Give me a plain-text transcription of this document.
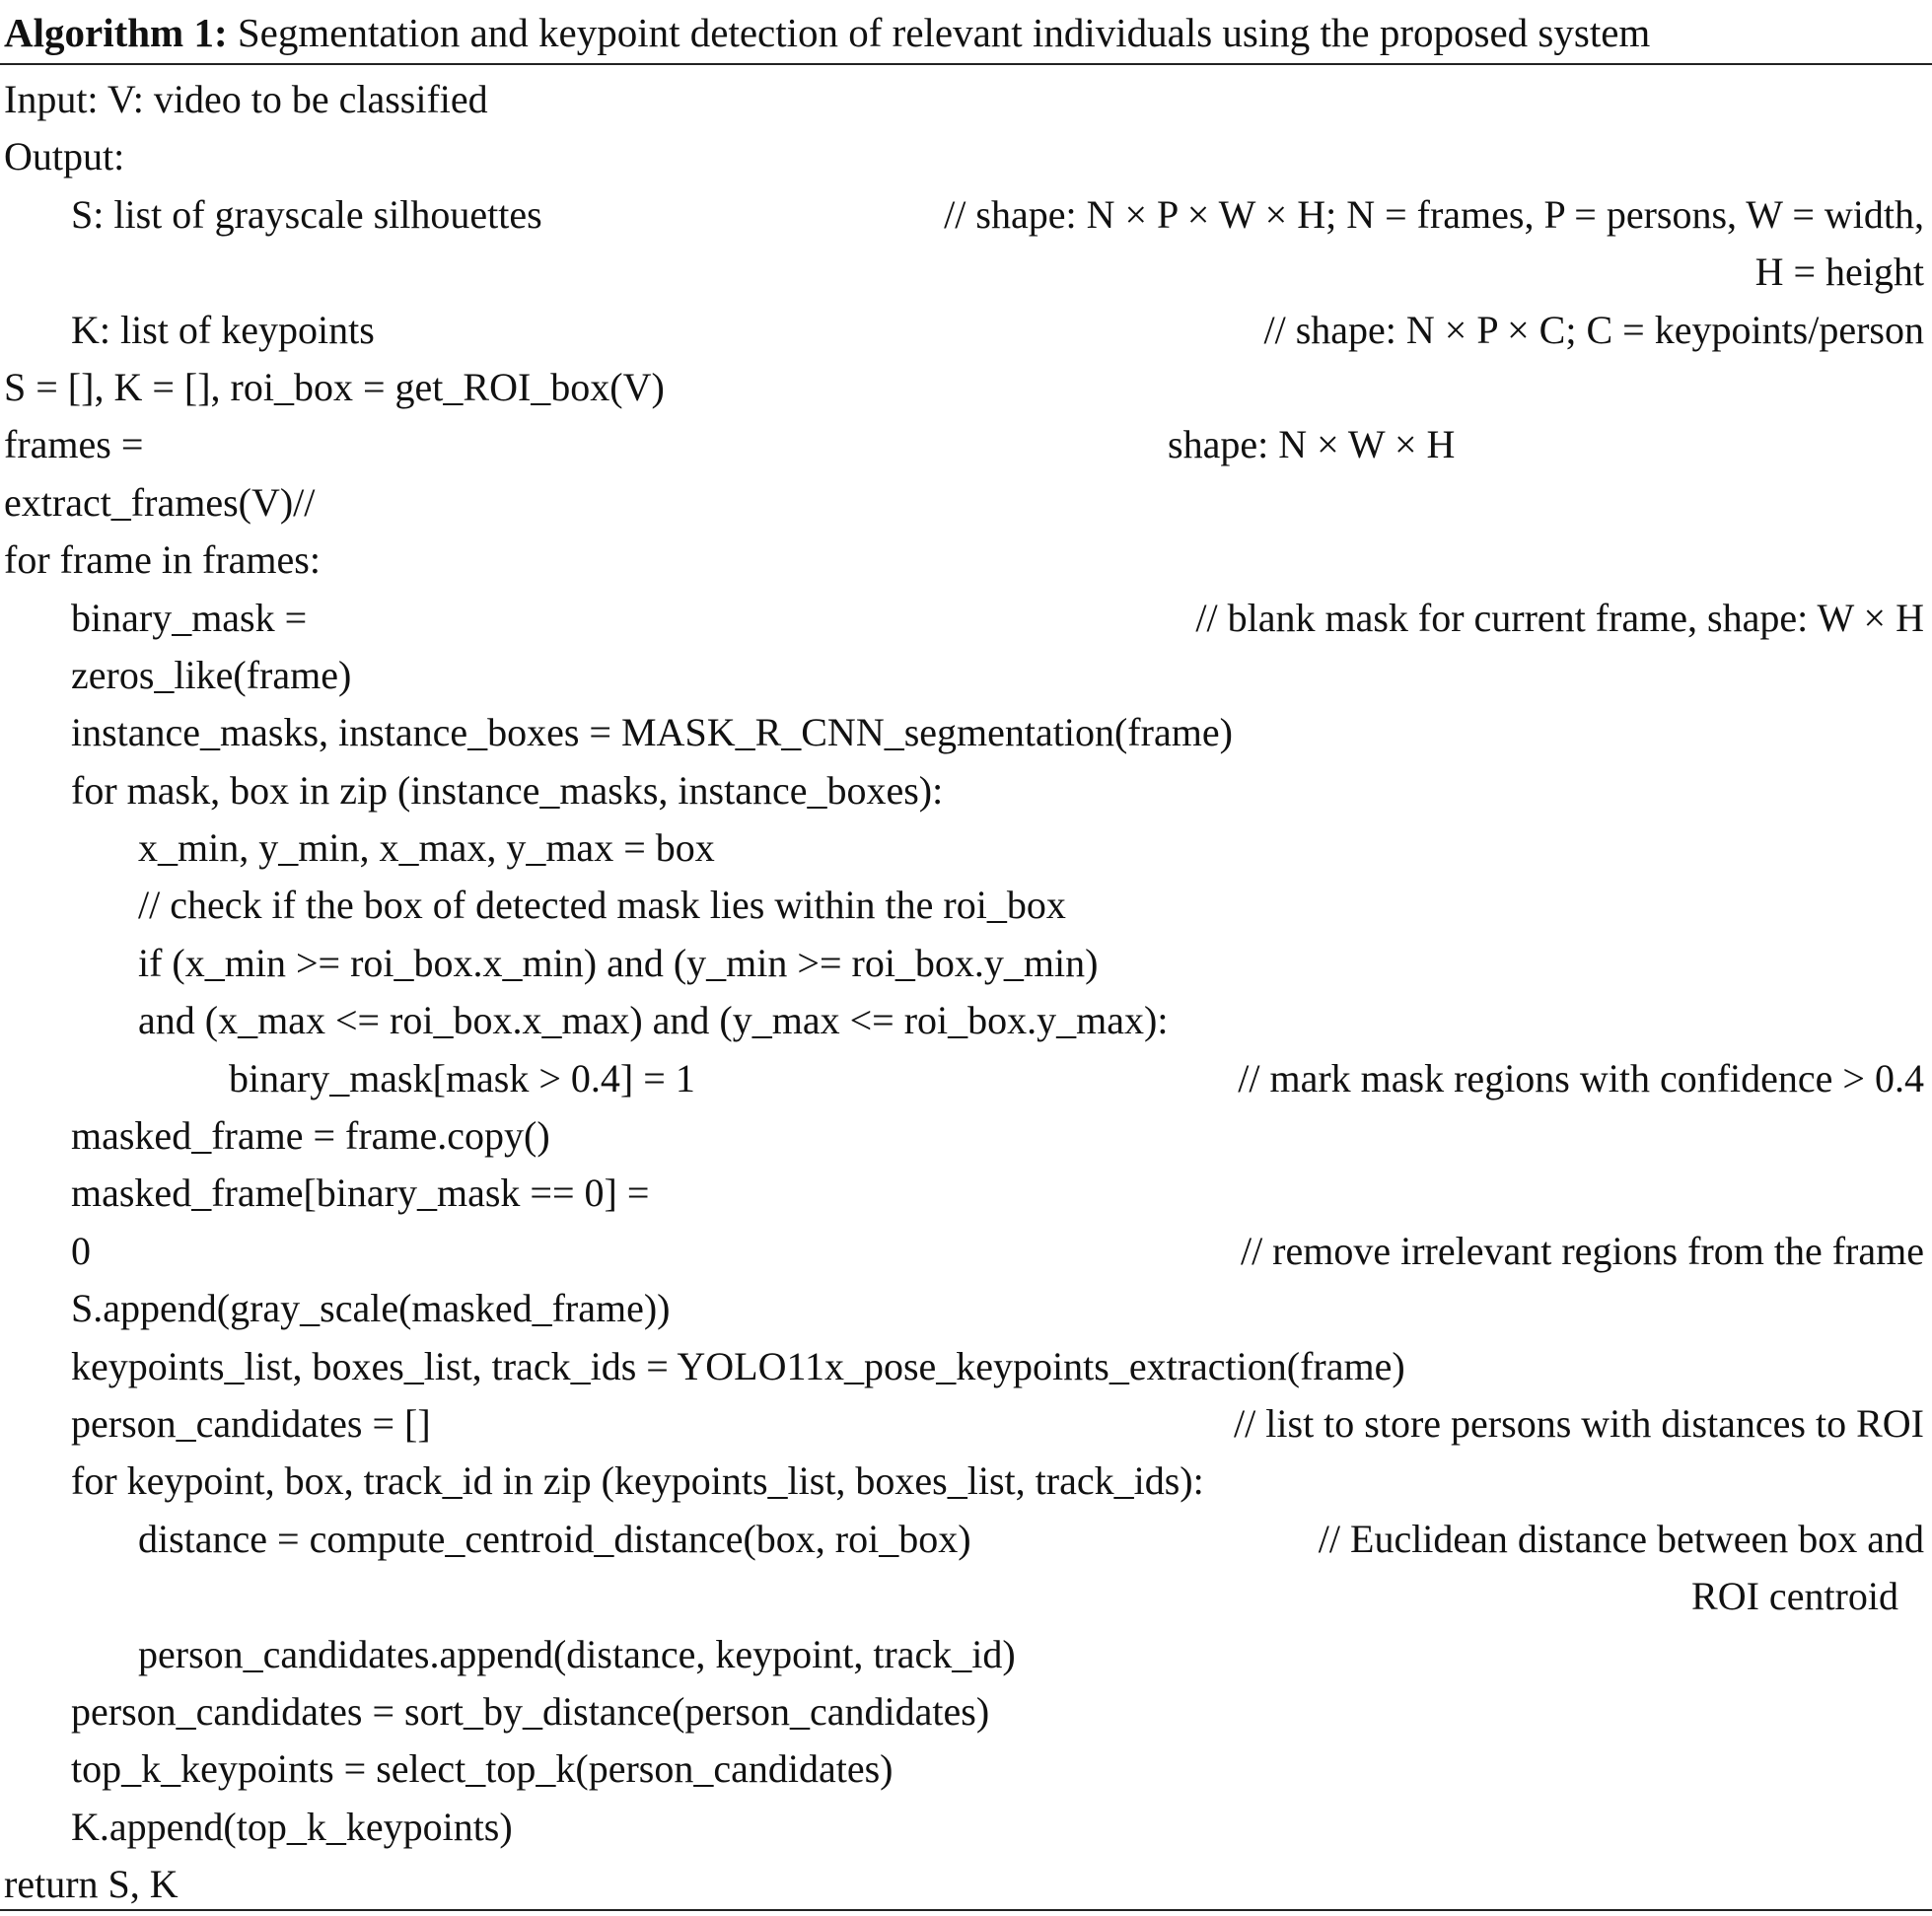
Algorithm 1: Segmentation and keypoint detection of relevant individuals using the proposed system
Input: V: video to be classified
Output:
S: list of grayscale silhouettes	// shape: N × P × W × H; N = frames, P = persons, W = width,
H = height
K: list of keypoints	// shape: N × P × C; C = keypoints/person
S = [], K = [], roi_box = get_ROI_box(V)
frames =	shape: N × W × H
extract_frames(V)//
for frame in frames:
binary_mask =	// blank mask for current frame, shape: W × H
zeros_like(frame)
instance_masks, instance_boxes = MASK_R_CNN_segmentation(frame)
for mask, box in zip (instance_masks, instance_boxes):
x_min, y_min, x_max, y_max = box
// check if the box of detected mask lies within the roi_box
if (x_min >= roi_box.x_min) and (y_min >= roi_box.y_min)
and (x_max <= roi_box.x_max) and (y_max <= roi_box.y_max):
binary_mask[mask > 0.4] = 1	// mark mask regions with confidence > 0.4
masked_frame = frame.copy()
masked_frame[binary_mask == 0] =
0	// remove irrelevant regions from the frame
S.append(gray_scale(masked_frame))
keypoints_list, boxes_list, track_ids = YOLO11x_pose_keypoints_extraction(frame)
person_candidates = []	// list to store persons with distances to ROI
for keypoint, box, track_id in zip (keypoints_list, boxes_list, track_ids):
distance = compute_centroid_distance(box, roi_box)	// Euclidean distance between box and
ROI centroid
person_candidates.append(distance, keypoint, track_id)
person_candidates = sort_by_distance(person_candidates)
top_k_keypoints = select_top_k(person_candidates)
K.append(top_k_keypoints)
return S, K
